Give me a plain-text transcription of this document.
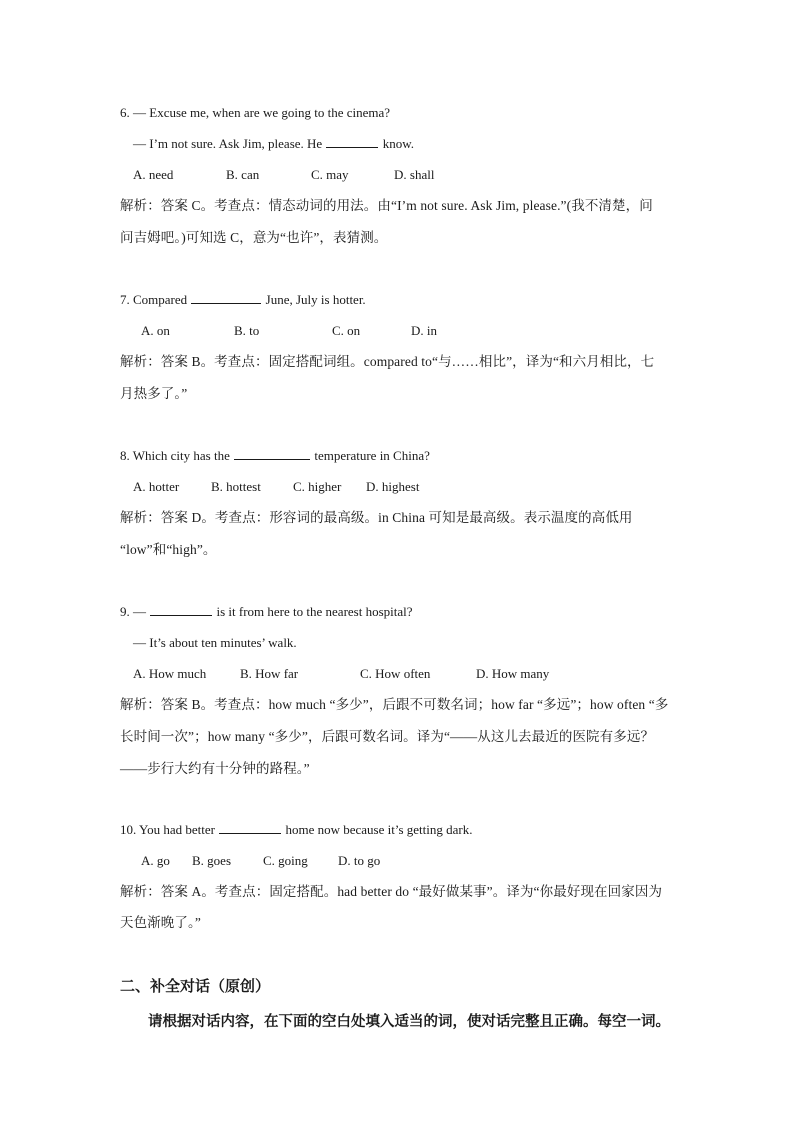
6. — Excuse me, when are we going to the cinema?
— I’m not sure. Ask Jim, please. He	know.
A. need	B. can	C. may	D. shall
解析：答案 C。考查点：情态动词的用法。由“I’m not sure. Ask Jim, please.”(我不清楚，问
问吉姆吧。)可知选 C，意为“也许”，表猜测。
7. Compared	June, July is hotter.
A. on	B. to	C. on	D. in
解析：答案 B。考查点：固定搭配词组。compared to“与……相比”，译为“和六月相比，七
月热多了。”
8. Which city has the	temperature in China?
A. hotter B. hottest C. higher D. highest
解析：答案 D。考查点：形容词的最高级。in China 可知是最高级。表示温度的高低用
“low”和“high”。
9. —	is it from here to the nearest hospital?
— It’s about ten minutes’ walk.
A. How much	B. How far	C. How often	D. How many
解析：答案 B。考查点：how much “多少”，后跟不可数名词；how far “多远”；how often “多
长时间一次”；how many “多少”，后跟可数名词。译为“——从这儿去最近的医院有多远？
——步行大约有十分钟的路程。”
10. You had better	home now because it’s getting dark.
A. go B. goes C. going D. to go
解析：答案 A。考查点：固定搭配。had better do “最好做某事”。译为“你最好现在回家因为
天色渐晚了。”
二、补全对话（原创）
请根据对话内容，在下面的空白处填入适当的词，使对话完整且正确。每空一词。
